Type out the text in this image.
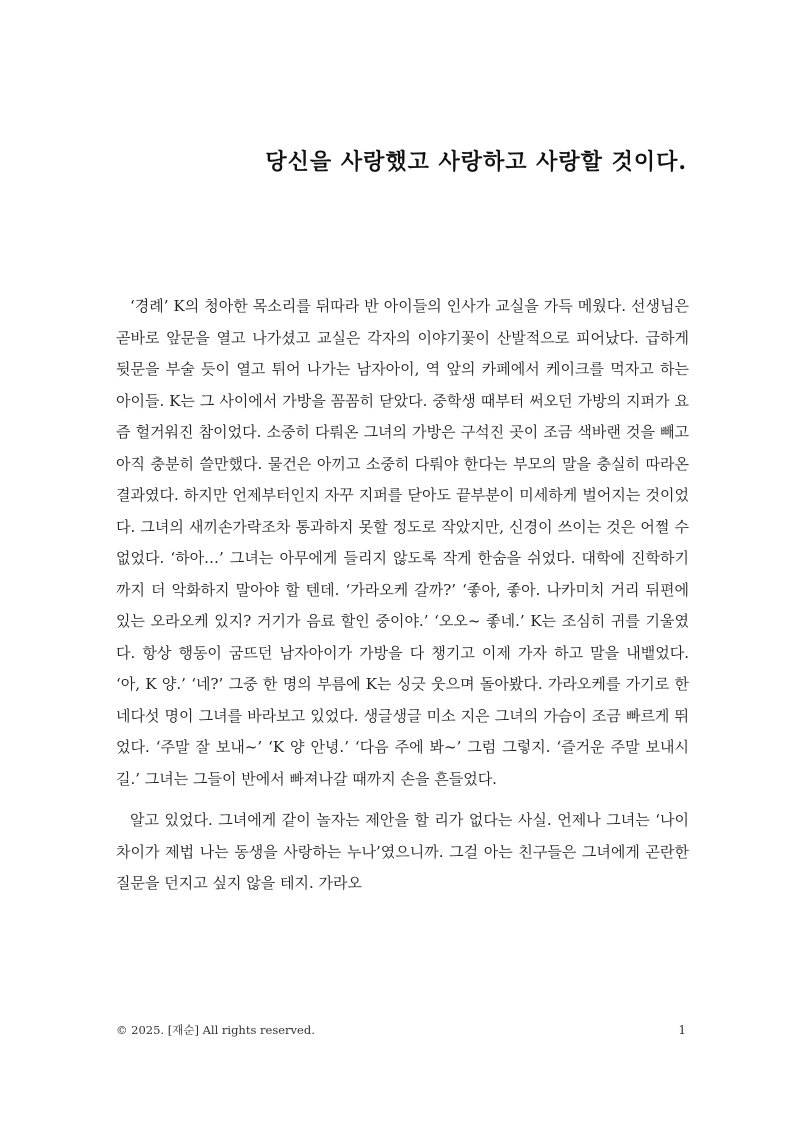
당신을 사랑했고 사랑하고 사랑할 것이다.

‘경례’ K의 청아한 목소리를 뒤따라 반 아이들의 인사가 교실을 가득 메웠다. 선생님은 곧바로 앞문을 열고 나가셨고 교실은 각자의 이야기꽃이 산발적으로 피어났다. 급하게 뒷문을 부술 듯이 열고 튀어 나가는 남자아이, 역 앞의 카페에서 케이크를 먹자고 하는 아이들. K는 그 사이에서 가방을 꼼꼼히 닫았다. 중학생 때부터 써오던 가방의 지퍼가 요즘 헐거워진 참이었다. 소중히 다뤄온 그녀의 가방은 구석진 곳이 조금 색바랜 것을 빼고 아직 충분히 쓸만했다. 물건은 아끼고 소중히 다뤄야 한다는 부모의 말을 충실히 따라온 결과였다. 하지만 언제부터인지 자꾸 지퍼를 닫아도 끝부분이 미세하게 벌어지는 것이었다. 그녀의 새끼손가락조차 통과하지 못할 정도로 작았지만, 신경이 쓰이는 것은 어쩔 수 없었다. ‘하아…’ 그녀는 아무에게 들리지 않도록 작게 한숨을 쉬었다. 대학에 진학하기까지 더 악화하지 말아야 할 텐데. ‘가라오케 갈까?’ ‘좋아, 좋아. 나카미치 거리 뒤편에 있는 오라오케 있지? 거기가 음료 할인 중이야.’ ‘오오~ 좋네.’ K는 조심히 귀를 기울였다. 항상 행동이 굼뜨던 남자아이가 가방을 다 챙기고 이제 가자 하고 말을 내뱉었다. ‘아, K 양.’ ‘네?’ 그중 한 명의 부름에 K는 싱긋 웃으며 돌아봤다. 가라오케를 가기로 한 네다섯 명이 그녀를 바라보고 있었다. 생글생글 미소 지은 그녀의 가슴이 조금 빠르게 뛰었다. ‘주말 잘 보내~’ ‘K 양 안녕.’ ‘다음 주에 봐~’ 그럼 그렇지. ‘즐거운 주말 보내시길.’ 그녀는 그들이 반에서 빠져나갈 때까지 손을 흔들었다.

알고 있었다. 그녀에게 같이 놀자는 제안을 할 리가 없다는 사실. 언제나 그녀는 ‘나이 차이가 제법 나는 동생을 사랑하는 누나’였으니까. 그걸 아는 친구들은 그녀에게 곤란한 질문을 던지고 싶지 않을 테지. 가라오

© 2025. [재순] All rights reserved.	1
